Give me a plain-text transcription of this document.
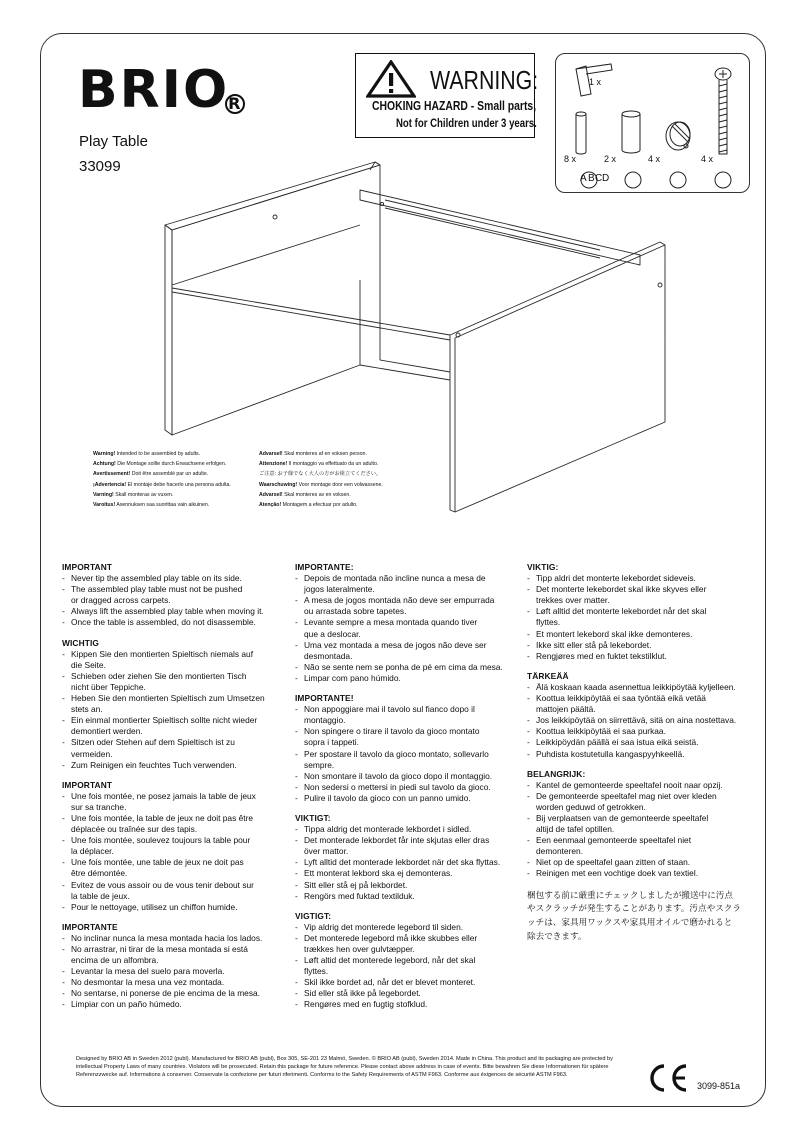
BRIOR
Play Table
33099
WARNING:
CHOKING HAZARD - Small parts,
Not for Children under 3 years.
1 x
8 x	2 x	4 x	4 x
A B C D
Warning! Intended to be assembled by adults.
Achtung! Die Montage sollte durch Erwachsene erfolgen.
Avertissement! Doit être assemblé par un adulte.
¡Advertencia! El montaje debe hacerlo una persona adulta.
Varning! Skall monteras av vuxen.
Varoitus! Asennuksen saa suorittaa vain aikuinen.
Advarsel! Skal monteres af en voksen person.
Attenzione! Il montaggio va effettuato da un adulto.
ご注意: お子様でなく大人の方がお組立てください。
Waarschuwing! Voor montage door een volwassene.
Advarsel! Skal monteres av en voksen.
Atenção! Montagem a efectuar por adulto.
IMPORTANT
- Never tip the assembled play table on its side.
- The assembled play table must not be pushed
or dragged across carpets.
- Always lift the assembled play table when moving it.
- Once the table is assembled, do not disassemble.
WICHTIG
- Kippen Sie den montierten Spieltisch niemals auf
die Seite.
- Schieben oder ziehen Sie den montierten Tisch
nicht über Teppiche.
- Heben Sie den montierten Spieltisch zum Umsetzen
stets an.
- Ein einmal montierter Spieltisch sollte nicht wieder
demontiert werden.
- Sitzen oder Stehen auf dem Spieltisch ist zu
vermeiden.
- Zum Reinigen ein feuchtes Tuch verwenden.
IMPORTANT
- Une fois montée, ne posez jamais la table de jeux
sur sa tranche.
- Une fois montée, la table de jeux ne doit pas être
déplacée ou traînée sur des tapis.
- Une fois montée, soulevez toujours la table pour
la déplacer.
- Une fois montée, une table de jeux ne doit pas
être démontée.
- Evitez de vous assoir ou de vous tenir debout sur
la table de jeux.
- Pour le nettoyage, utilisez un chiffon humide.
IMPORTANTE
- No inclinar nunca la mesa montada hacia los lados.
- No arrastrar, ni tirar de la mesa montada si está
encima de un alfombra.
- Levantar la mesa del suelo para moverla.
- No desmontar la mesa una vez montada.
- No sentarse, ni ponerse de pie encima de la mesa.
- Limpiar con un paño húmedo.
IMPORTANTE:
- Depois de montada não incline nunca a mesa de
jogos lateralmente.
- A mesa de jogos montada não deve ser empurrada
ou arrastada sobre tapetes.
- Levante sempre a mesa montada quando tiver
que a deslocar.
- Uma vez montada a mesa de jogos não deve ser
desmontada.
- Não se sente nem se ponha de pé em cima da mesa.
- Limpar com pano húmido.
IMPORTANTE!
- Non appoggiare mai il tavolo sul fianco dopo il
montaggio.
- Non spingere o tirare il tavolo da gioco montato
sopra i tappeti.
- Per spostare il tavolo da gioco montato, sollevarlo
sempre.
- Non smontare il tavolo da gioco dopo il montaggio.
- Non sedersi o mettersi in piedi sul tavolo da gioco.
- Pulire il tavolo da gioco con un panno umido.
VIKTIGT:
- Tippa aldrig det monterade lekbordet i sidled.
- Det monterade lekbordet får inte skjutas eller dras
över mattor.
- Lyft alltid det monterade lekbordet när det ska flyttas.
- Ett monterat lekbord ska ej demonteras.
- Sitt eller stå ej på lekbordet.
- Rengörs med fuktad textilduk.
VIGTIGT:
- Vip aldrig det monterede legebord til siden.
- Det monterede legebord må ikke skubbes eller
trækkes hen over gulvtæpper.
- Løft altid det monterede legebord, når det skal
flyttes.
- Skil ikke bordet ad, når det er blevet monteret.
- Sid eller stå ikke på legebordet.
- Rengøres med en fugtig stofklud.
VIKTIG:
- Tipp aldri det monterte lekebordet sideveis.
- Det monterte lekebordet skal ikke skyves eller
trekkes over matter.
- Løft alltid det monterte lekebordet når det skal
flyttes.
- Et montert lekebord skal ikke demonteres.
- Ikke sitt eller stå på lekebordet.
- Rengjøres med en fuktet tekstilklut.
TÄRKEÄÄ
- Älä koskaan kaada asennettua leikkipöytää kyljelleen.
- Koottua leikkipöytää ei saa työntää eikä vetää
mattojen päältä.
- Jos leikkipöytää on siirrettävä, sitä on aina nostettava.
- Koottua leikkipöytää ei saa purkaa.
- Leikkipöydän päällä ei saa istua eikä seistä.
- Puhdista kostutetulla kangaspyyhkeellä.
BELANGRIJK:
- Kantel de gemonteerde speeltafel nooit naar opzij.
- De gemonteerde speeltafel mag niet over kleden
worden geduwd of getrokken.
- Bij verplaatsen van de gemonteerde speeltafel
altijd de tafel optillen.
- Een eenmaal gemonteerde speeltafel niet
demonteren.
- Niet op de speeltafel gaan zitten of staan.
- Reinigen met een vochtige doek van textiel.
梱包する前に厳重にチェックしましたが搬送中に汚点
やスクラッチが発生することがあります。汚点やスクラ
ッチは、家具用ワックスや家具用オイルで磨かれると
除去できます。
Designed by BRIO AB in Sweden 2012 (publ). Manufactured for BRIO AB (publ), Box 305, SE-201 23 Malmö, Sweden. © BRIO AB (publ), Sweden 2014. Made in China. This product and its packaging are protected by intellectual Property Laws of many countries. Violators will be prosecuted. Retain this package for future reference. Please contact above address in case of events. Bitte bewahren Sie diese Informationen für spätere Referenzzwecke auf. Informations à conserver. Conservate la confezione per futuri riferimenti. Conforms to the Safety Requirements of ASTM F963. Conforme aux éxigences de sécurité ASTM F963.
3099-851a
